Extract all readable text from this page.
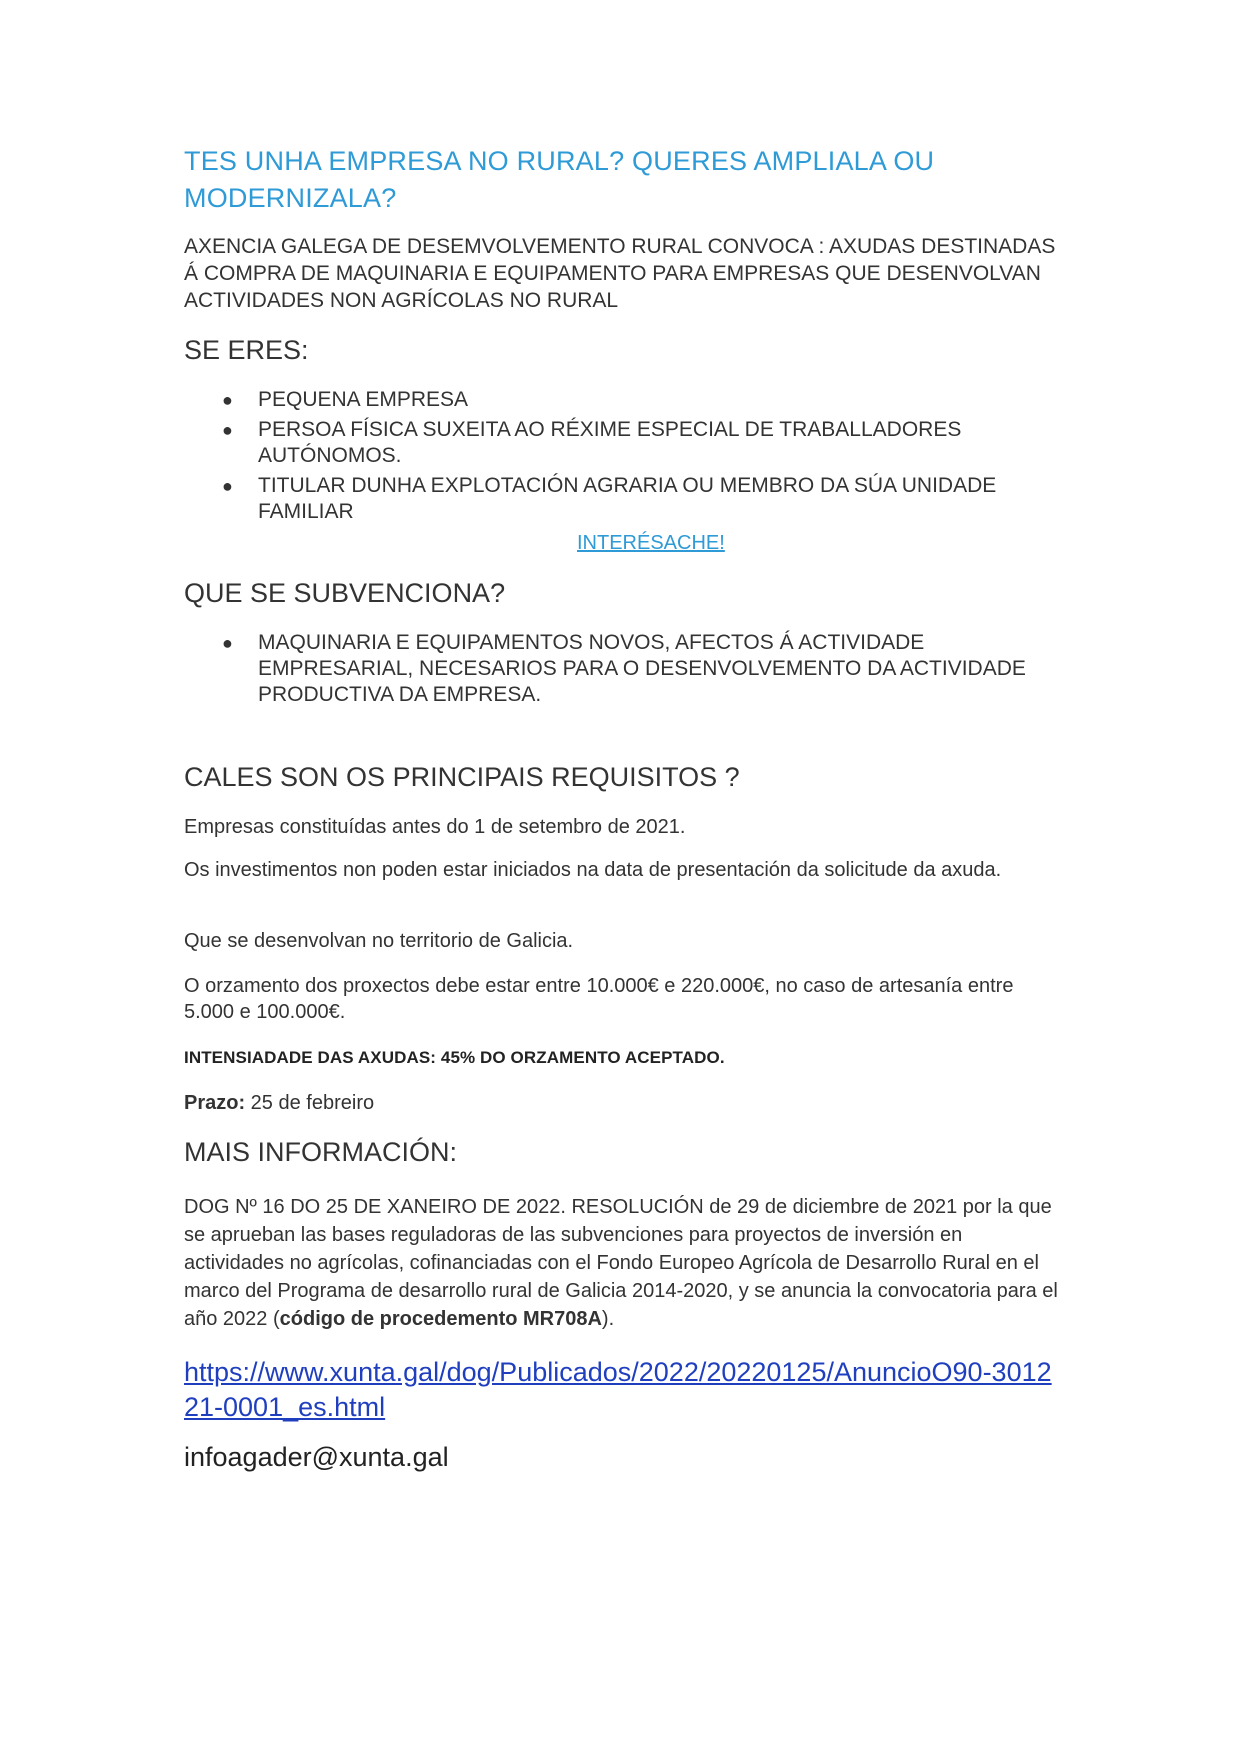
TES UNHA EMPRESA NO RURAL? QUERES AMPLIALA OU MODERNIZALA?

AXENCIA GALEGA DE DESEMVOLVEMENTO RURAL CONVOCA : AXUDAS DESTINADAS Á COMPRA DE MAQUINARIA E EQUIPAMENTO PARA EMPRESAS QUE DESENVOLVAN ACTIVIDADES NON AGRÍCOLAS NO RURAL

SE ERES:
● PEQUENA EMPRESA
● PERSOA FÍSICA SUXEITA AO RÉXIME ESPECIAL DE TRABALLADORES AUTÓNOMOS.
● TITULAR DUNHA EXPLOTACIÓN AGRARIA OU MEMBRO DA SÚA UNIDADE FAMILIAR
INTERÉSACHE!
QUE SE SUBVENCIONA?
● MAQUINARIA E EQUIPAMENTOS NOVOS, AFECTOS Á ACTIVIDADE EMPRESARIAL, NECESARIOS PARA O DESENVOLVEMENTO DA ACTIVIDADE PRODUCTIVA DA EMPRESA.
CALES SON OS PRINCIPAIS REQUISITOS ?

Empresas constituídas antes do 1 de setembro de 2021.

Os investimentos non poden estar iniciados na data de presentación da solicitude da axuda.

Que se desenvolvan no territorio de Galicia.

O orzamento dos proxectos debe estar entre 10.000€ e 220.000€, no caso de artesanía entre 5.000 e 100.000€.

INTENSIADADE DAS AXUDAS: 45% DO ORZAMENTO ACEPTADO.

Prazo: 25 de febreiro

MAIS INFORMACIÓN:

DOG Nº 16 DO 25 DE XANEIRO DE 2022. RESOLUCIÓN de 29 de diciembre de 2021 por la que se aprueban las bases reguladoras de las subvenciones para proyectos de inversión en actividades no agrícolas, cofinanciadas con el Fondo Europeo Agrícola de Desarrollo Rural en el marco del Programa de desarrollo rural de Galicia 2014-2020, y se anuncia la convocatoria para el año 2022 (código de procedemento MR708A).

https://www.xunta.gal/dog/Publicados/2022/20220125/AnuncioO90-301221-0001_es.html

infoagader@xunta.gal
